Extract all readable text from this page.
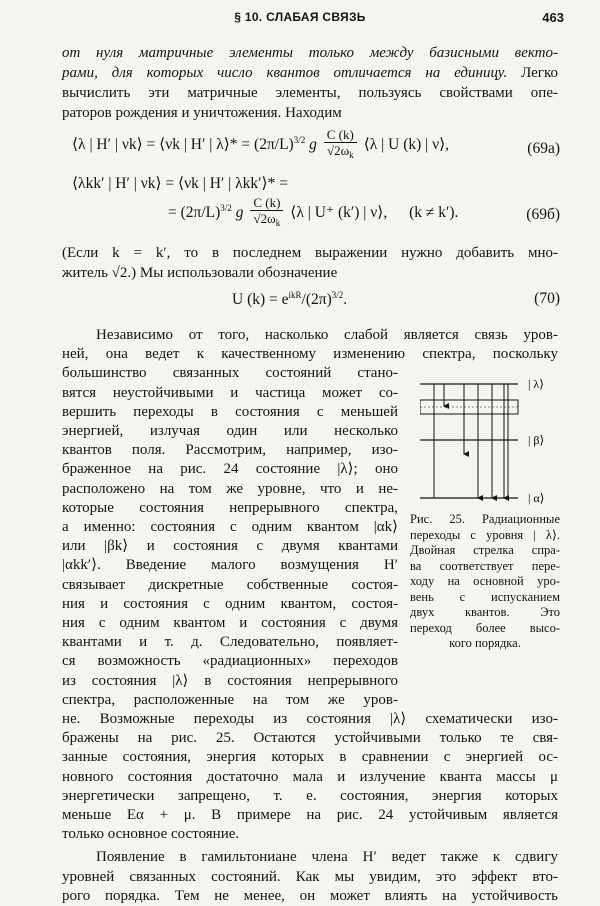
§ 10. СЛАБАЯ СВЯЗЬ	463
от нуля матричные элементы только между базисными векто-
рами, для которых число квантов отличается на единицу. Легко
вычислить эти матричные элементы, пользуясь свойствами опе-
раторов рождения и уничтожения. Находим
⟨λ | H′ | νk⟩ = ⟨νk | H′ | λ⟩* = $(2\pi/L)^{3/2}$ g $\frac{C (k)}{√2\omega_k}$ ⟨λ | U (k) | ν⟩,	(69a)
⟨λkk′ | H′ | νk⟩ = ⟨νk | H′ | λkk′⟩* =
= $(2\pi/L)^{3/2}$ g $\frac{C (k)}{√2\omega_k}$ ⟨λ | U⁺ (k′) | ν⟩, (k ≠ k′).	(69б)
(Если k = k′, то в последнем выражении нужно добавить мно-
житель √2.) Мы использовали обозначение
U $(k) = e^{ikR}/(2\pi)^{3/2}$.	(70)
Независимо от того, насколько слабой является связь уров-
ней, она ведет к качественному изменению спектра, поскольку
большинство связанных состояний стано-
вятся неустойчивыми и частица может со-
вершить переходы в состояния с меньшей
энергией, излучая один или несколько
квантов поля. Рассмотрим, например, изо-
браженное на рис. 24 состояние |λ⟩; оно
расположено на том же уровне, что и не-
которые состояния непрерывного спектра,
а именно: состояния с одним квантом |αk⟩
или |βk⟩ и состояния с двумя квантами
|αkk′⟩. Введение малого возмущения H′
связывает дискретные собственные состоя-
ния и состояния с одним квантом, состоя-
ния с одним квантом и состояния с двумя
квантами и т. д. Следовательно, появляет-
ся возможность «радиационных» переходов
из состояния |λ⟩ в состояния непрерывного
спектра, расположенные на том же уров-
не. Возможные переходы из состояния |λ⟩ схематически изо-
бражены на рис. 25. Остаются устойчивыми только те свя-
занные состояния, энергия которых в сравнении с энергией ос-
новного состояния достаточно мала и излучение кванта массы μ
энергетически запрещено, т. е. состояния, энергия которых
меньше Eα + μ. В примере на рис. 24 устойчивым является
только основное состояние.
Появление в гамильтониане члена H′ ведет также к сдвигу
| λ⟩
| β⟩
| α⟩
Рис. 25. Радиационные
переходы с уровня | λ⟩.
Двойная стрелка спра-
ва соответствует пере-
ходу на основной уро-
вень с испусканием
двух квантов. Это
переход более высо-
кого порядка.
уровней связанных состояний. Как мы увидим, это эффект вто-
рого порядка. Тем не менее, он может влиять на устойчивость
